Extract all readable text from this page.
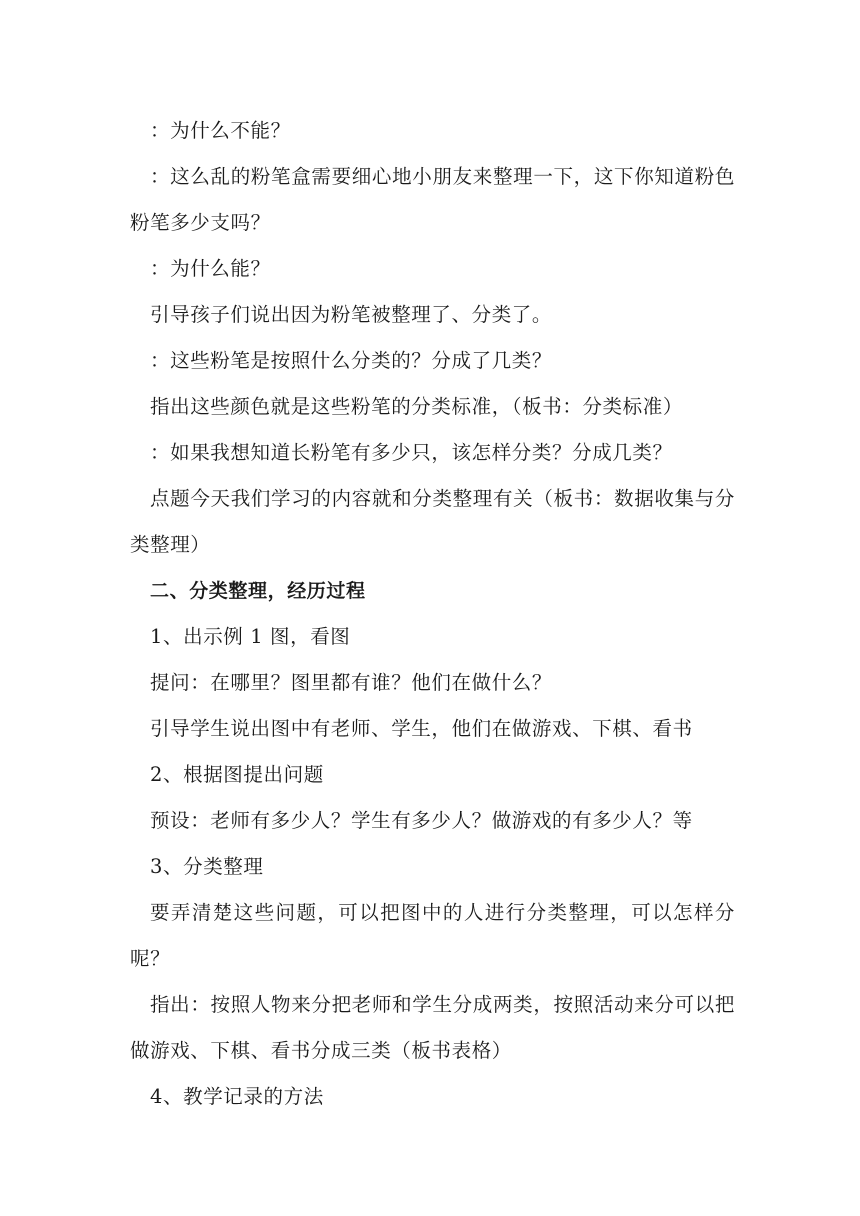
：为什么不能？

：这么乱的粉笔盒需要细心地小朋友来整理一下，这下你知道粉色粉笔多少支吗？

：为什么能？

引导孩子们说出因为粉笔被整理了、分类了。

：这些粉笔是按照什么分类的？分成了几类？

指出这些颜色就是这些粉笔的分类标准，（板书：分类标准）

：如果我想知道长粉笔有多少只，该怎样分类？分成几类？

点题今天我们学习的内容就和分类整理有关（板书：数据收集与分类整理）

二、分类整理，经历过程

1、出示例 1 图，看图

提问：在哪里？图里都有谁？他们在做什么？

引导学生说出图中有老师、学生，他们在做游戏、下棋、看书

2、根据图提出问题

预设：老师有多少人？学生有多少人？做游戏的有多少人？等

3、分类整理

要弄清楚这些问题，可以把图中的人进行分类整理，可以怎样分呢？

指出：按照人物来分把老师和学生分成两类，按照活动来分可以把做游戏、下棋、看书分成三类（板书表格）

4、教学记录的方法
